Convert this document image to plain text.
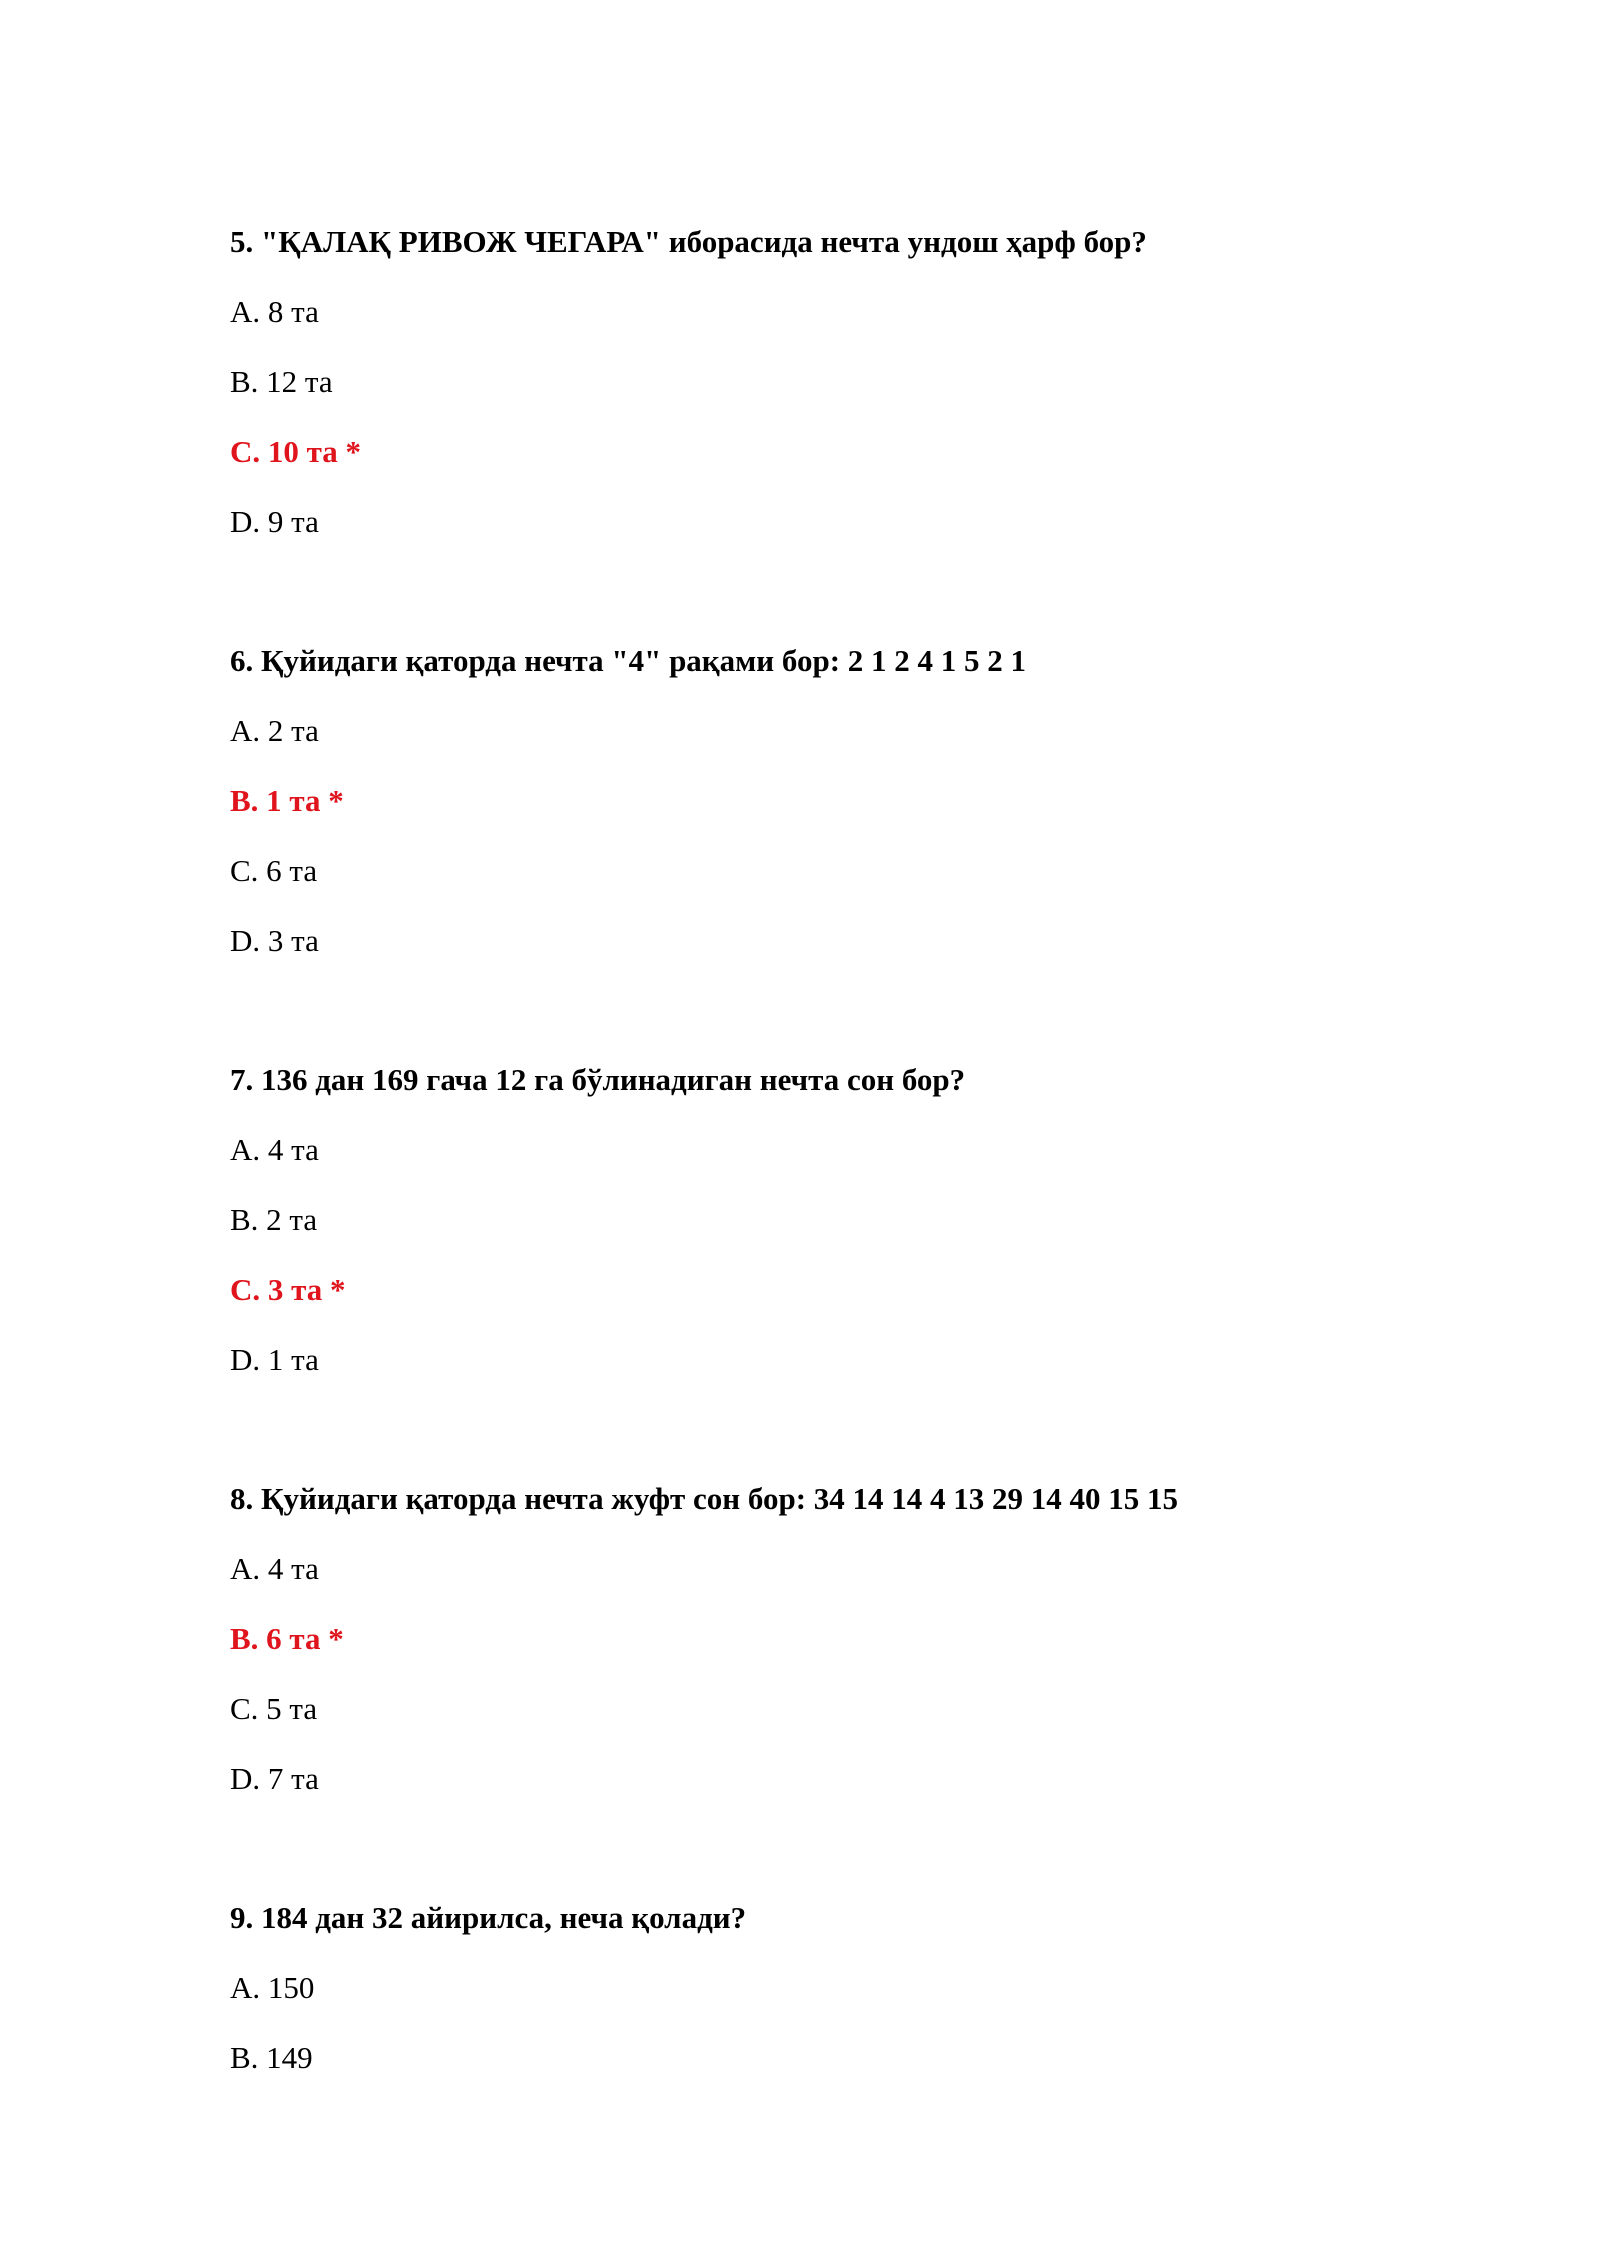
5. "ҚАЛАҚ РИВОЖ ЧЕГАРА" иборасида нечта ундош ҳарф бор?
A. 8 та
B. 12 та
C. 10 та *
D. 9 та
6. Қуйидаги қаторда нечта "4" рақами бор: 2 1 2 4 1 5 2 1
A. 2 та
B. 1 та *
C. 6 та
D. 3 та
7. 136 дан 169 гача 12 га бўлинадиган нечта сон бор?
A. 4 та
B. 2 та
C. 3 та *
D. 1 та
8. Қуйидаги қаторда нечта жуфт сон бор: 34 14 14 4 13 29 14 40 15 15
A. 4 та
B. 6 та *
C. 5 та
D. 7 та
9. 184 дан 32 айирилса, неча қолади?
A. 150
B. 149
